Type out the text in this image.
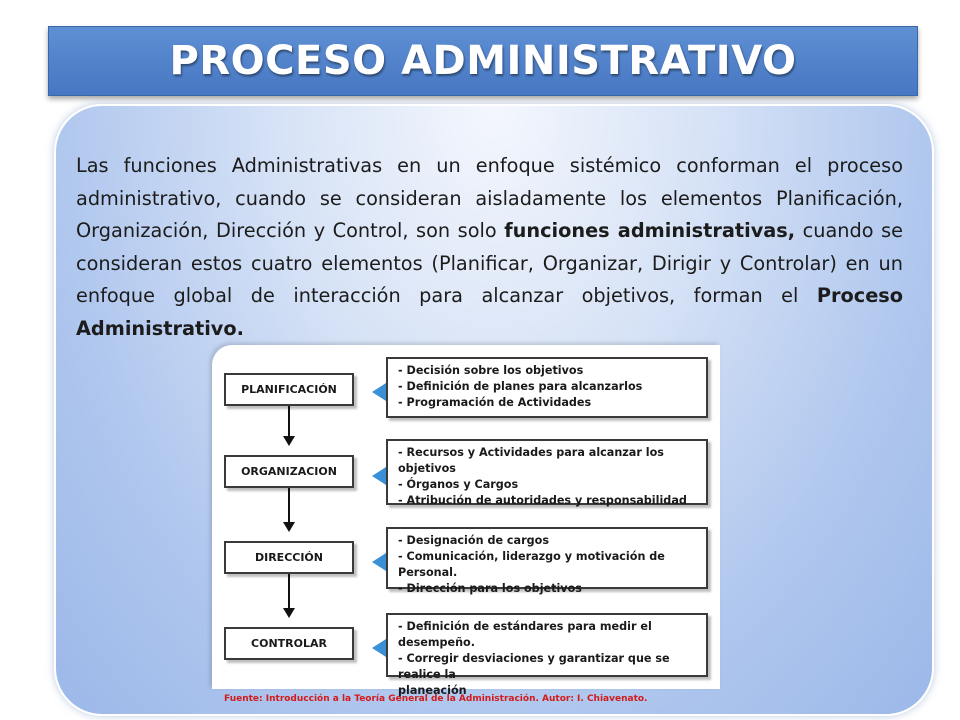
PROCESO ADMINISTRATIVO

Las funciones Administrativas en un enfoque sistémico conforman el proceso administrativo, cuando se consideran aisladamente los elementos Planificación, Organización, Dirección y Control, son solo funciones administrativas, cuando se consideran estos cuatro elementos (Planificar, Organizar, Dirigir y Controlar) en un enfoque global de interacción para alcanzar objetivos, forman el Proceso Administrativo.

PLANIFICACIÓN
- Decisión sobre los objetivos
- Definición de planes para alcanzarlos
- Programación de Actividades
ORGANIZACION
- Recursos y Actividades para alcanzar los objetivos
- Órganos y Cargos
- Atribución de autoridades y responsabilidad
DIRECCIÓN
- Designación de cargos
- Comunicación, liderazgo y motivación de Personal.
- Dirección para los objetivos
CONTROLAR
- Definición de estándares para medir el desempeño.
- Corregir desviaciones y garantizar que se realice la
planeación
Fuente: Introducción a la Teoría General de la Administración. Autor: I. Chiavenato.
